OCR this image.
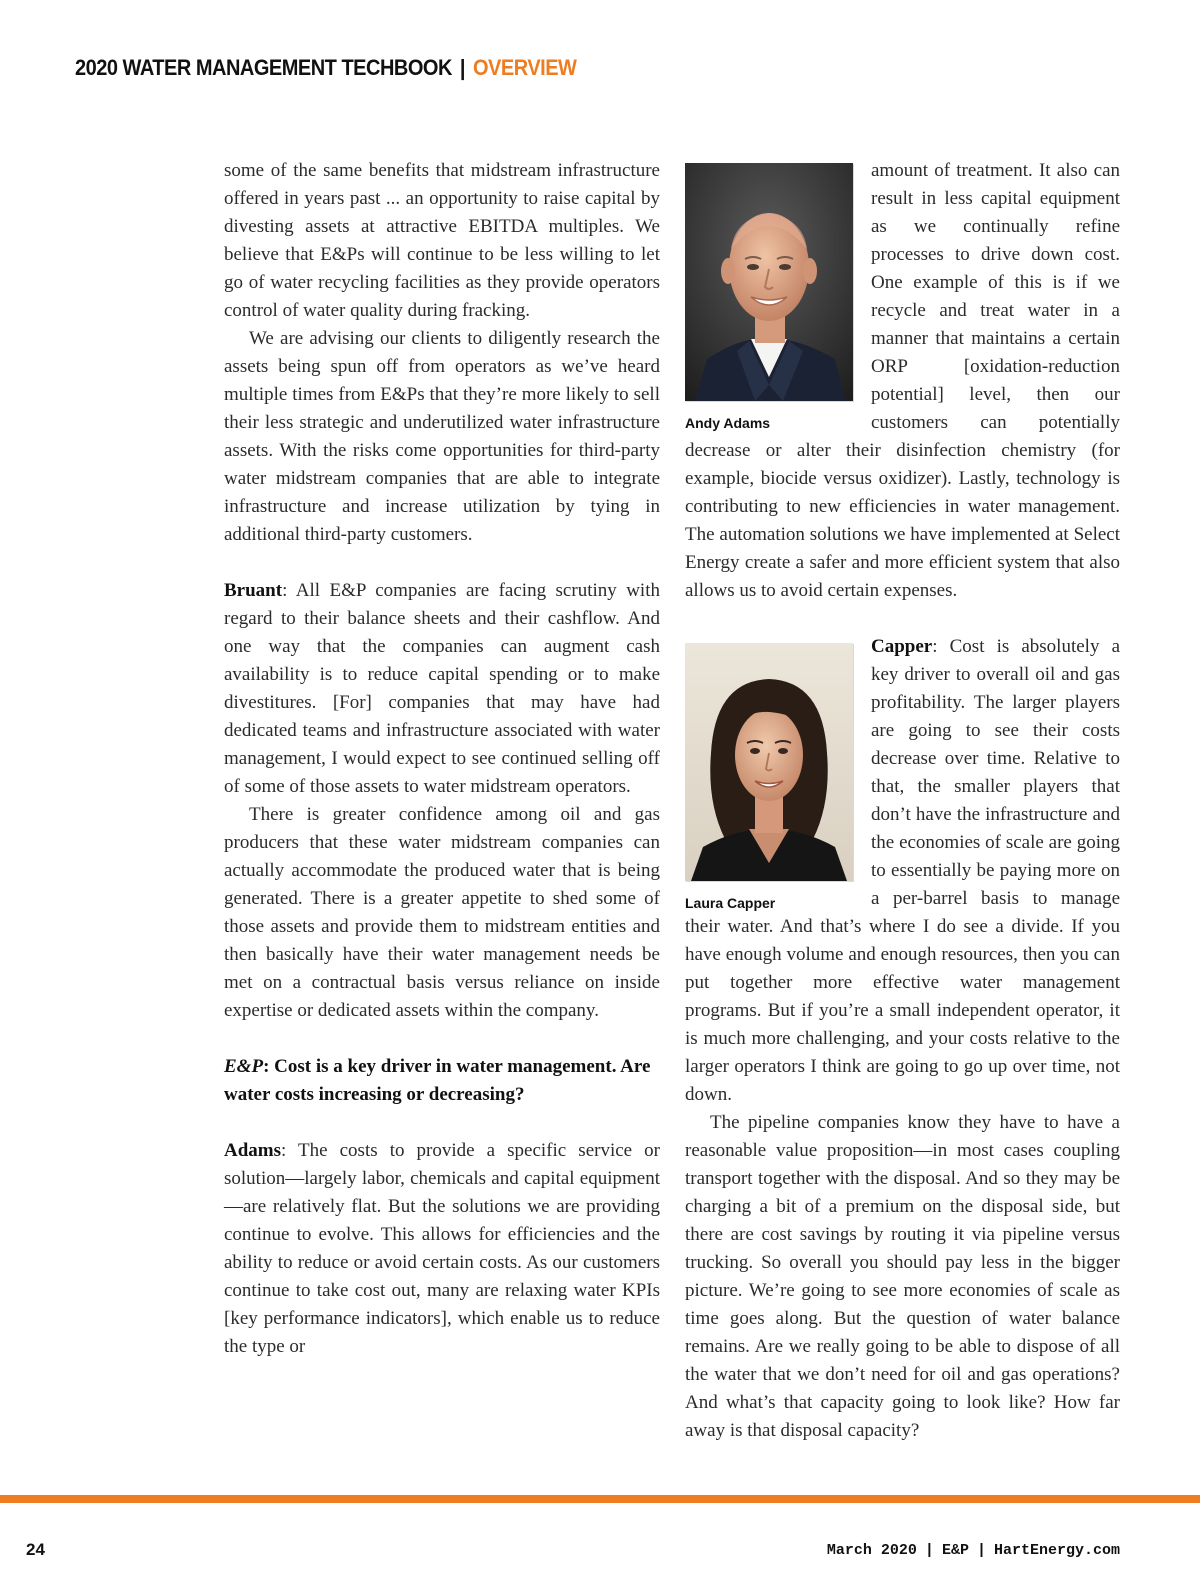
2020 WATER MANAGEMENT TECHBOOK | OVERVIEW

some of the same benefits that midstream infrastructure offered in years past ... an opportunity to raise capital by divesting assets at attractive EBITDA multiples. We believe that E&Ps will continue to be less willing to let go of water recycling facilities as they provide operators control of water quality during fracking.

We are advising our clients to diligently research the assets being spun off from operators as we’ve heard multiple times from E&Ps that they’re more likely to sell their less strategic and underutilized water infrastructure assets. With the risks come opportunities for third-party water midstream companies that are able to integrate infrastructure and increase utilization by tying in additional third-party customers.

Bruant: All E&P companies are facing scrutiny with regard to their balance sheets and their cashflow. And one way that the companies can augment cash availability is to reduce capital spending or to make divestitures. [For] companies that may have had dedicated teams and infrastructure associated with water management, I would expect to see continued selling off of some of those assets to water midstream operators.

There is greater confidence among oil and gas producers that these water midstream companies can actually accommodate the produced water that is being generated. There is a greater appetite to shed some of those assets and provide them to midstream entities and then basically have their water management needs be met on a contractual basis versus reliance on inside expertise or dedicated assets within the company.

E&P: Cost is a key driver in water management. Are water costs increasing or decreasing?

Adams: The costs to provide a specific service or solution—largely labor, chemicals and capital equipment—are relatively flat. But the solutions we are providing continue to evolve. This allows for efficiencies and the ability to reduce or avoid certain costs. As our customers continue to take cost out, many are relaxing water KPIs [key performance indicators], which enable us to reduce the type or

Andy Adams

amount of treatment. It also can result in less capital equipment as we continually refine processes to drive down cost. One example of this is if we recycle and treat water in a manner that maintains a certain ORP [oxidation-reduction potential] level, then our customers can potentially decrease or alter their disinfection chemistry (for example, biocide versus oxidizer). Lastly, technology is contributing to new efficiencies in water management. The automation solutions we have implemented at Select Energy create a safer and more efficient system that also allows us to avoid certain expenses.

Laura Capper

Capper: Cost is absolutely a key driver to overall oil and gas profitability. The larger players are going to see their costs decrease over time. Relative to that, the smaller players that don’t have the infrastructure and the economies of scale are going to essentially be paying more on a per-barrel basis to manage their water. And that’s where I do see a divide. If you have enough volume and enough resources, then you can put together more effective water management programs. But if you’re a small independent operator, it is much more challenging, and your costs relative to the larger operators I think are going to go up over time, not down.

The pipeline companies know they have to have a reasonable value proposition—in most cases coupling transport together with the disposal. And so they may be charging a bit of a premium on the disposal side, but there are cost savings by routing it via pipeline versus trucking. So overall you should pay less in the bigger picture. We’re going to see more economies of scale as time goes along. But the question of water balance remains. Are we really going to be able to dispose of all the water that we don’t need for oil and gas operations? And what’s that capacity going to look like? How far away is that disposal capacity?

24	March 2020 | E&P | HartEnergy.com
